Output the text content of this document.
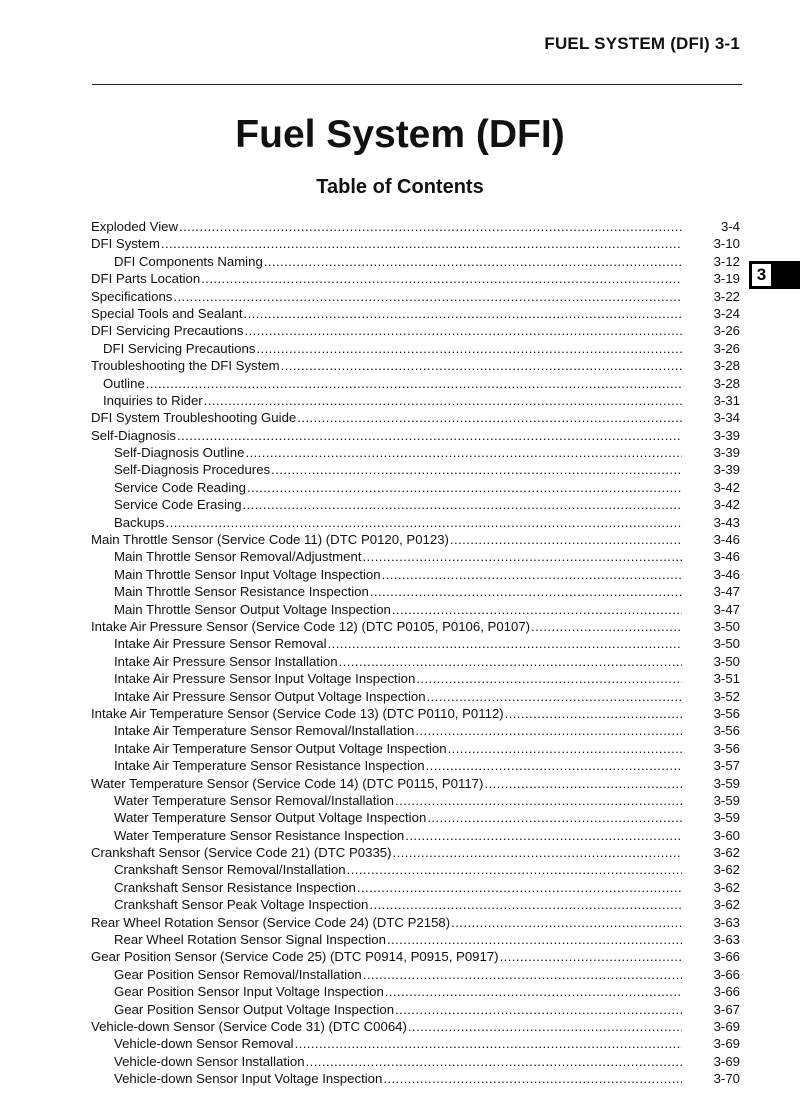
FUEL SYSTEM (DFI) 3-1
Fuel System (DFI)
Table of Contents
3
Exploded View .....	3-4
DFI System .....	3-10
DFI Components Naming .....	3-12
DFI Parts Location .....	3-19
Specifications .....	3-22
Special Tools and Sealant .....	3-24
DFI Servicing Precautions .....	3-26
DFI Servicing Precautions .....	3-26
Troubleshooting the DFI System .....	3-28
Outline .....	3-28
Inquiries to Rider .....	3-31
DFI System Troubleshooting Guide .....	3-34
Self-Diagnosis .....	3-39
Self-Diagnosis Outline .....	3-39
Self-Diagnosis Procedures .....	3-39
Service Code Reading .....	3-42
Service Code Erasing .....	3-42
Backups .....	3-43
Main Throttle Sensor (Service Code 11) (DTC P0120, P0123) .....	3-46
Main Throttle Sensor Removal/Adjustment .....	3-46
Main Throttle Sensor Input Voltage Inspection .....	3-46
Main Throttle Sensor Resistance Inspection .....	3-47
Main Throttle Sensor Output Voltage Inspection .....	3-47
Intake Air Pressure Sensor (Service Code 12) (DTC P0105, P0106, P0107) .....	3-50
Intake Air Pressure Sensor Removal .....	3-50
Intake Air Pressure Sensor Installation .....	3-50
Intake Air Pressure Sensor Input Voltage Inspection .....	3-51
Intake Air Pressure Sensor Output Voltage Inspection .....	3-52
Intake Air Temperature Sensor (Service Code 13) (DTC P0110, P0112) .....	3-56
Intake Air Temperature Sensor Removal/Installation .....	3-56
Intake Air Temperature Sensor Output Voltage Inspection .....	3-56
Intake Air Temperature Sensor Resistance Inspection .....	3-57
Water Temperature Sensor (Service Code 14) (DTC P0115, P0117) .....	3-59
Water Temperature Sensor Removal/Installation .....	3-59
Water Temperature Sensor Output Voltage Inspection .....	3-59
Water Temperature Sensor Resistance Inspection .....	3-60
Crankshaft Sensor (Service Code 21) (DTC P0335) .....	3-62
Crankshaft Sensor Removal/Installation .....	3-62
Crankshaft Sensor Resistance Inspection .....	3-62
Crankshaft Sensor Peak Voltage Inspection .....	3-62
Rear Wheel Rotation Sensor (Service Code 24) (DTC P2158) .....	3-63
Rear Wheel Rotation Sensor Signal Inspection .....	3-63
Gear Position Sensor (Service Code 25) (DTC P0914, P0915, P0917) .....	3-66
Gear Position Sensor Removal/Installation .....	3-66
Gear Position Sensor Input Voltage Inspection .....	3-66
Gear Position Sensor Output Voltage Inspection .....	3-67
Vehicle-down Sensor (Service Code 31) (DTC C0064) .....	3-69
Vehicle-down Sensor Removal .....	3-69
Vehicle-down Sensor Installation .....	3-69
Vehicle-down Sensor Input Voltage Inspection .....	3-70
